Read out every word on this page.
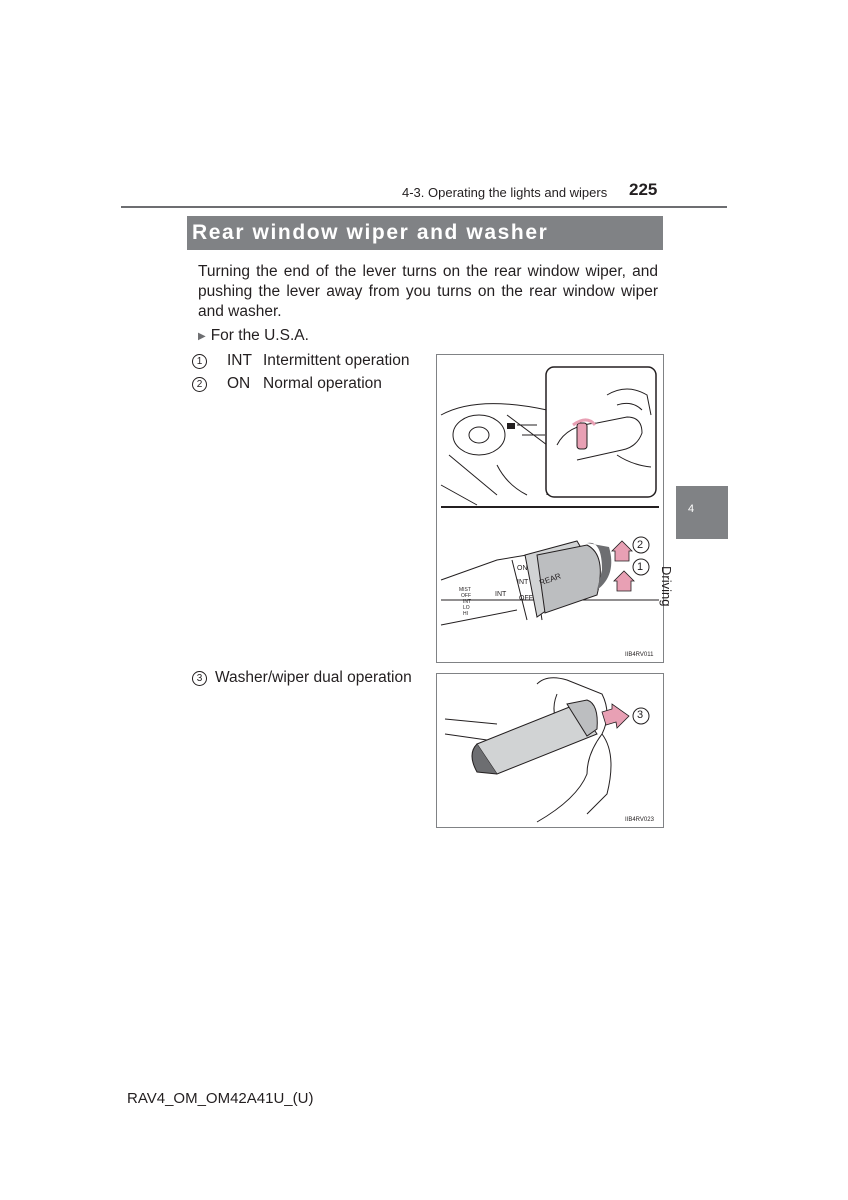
4-3. Operating the lights and wipers 225
Rear window wiper and washer
Turning the end of the lever turns on the rear window wiper, and pushing the lever away from you turns on the rear window wiper and washer.
▶ For the U.S.A.
1	INT Intermittent operation
2	ON Normal operation
3 Washer/wiper dual operation
2
1
ON
INT
OFF
REAR
INT
MIST
OFF
INT
LO
HI
IIB4RV011
3
IIB4RV023
4
Driving
RAV4_OM_OM42A41U_(U)
